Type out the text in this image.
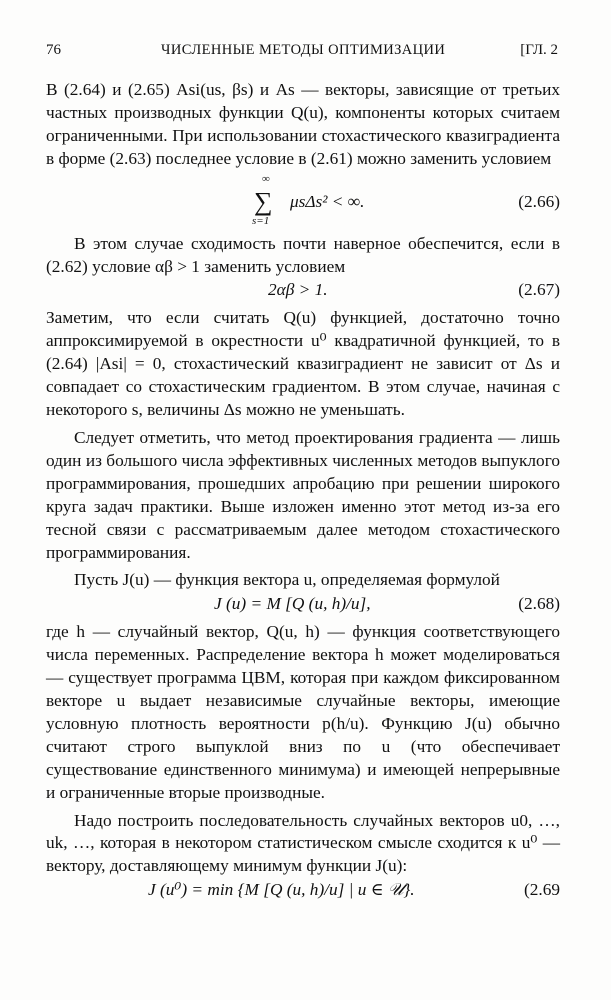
76	ЧИСЛЕННЫЕ МЕТОДЫ ОПТИМИЗАЦИИ	[ГЛ. 2

В (2.64) и (2.65) Asi(us, βs) и As — векторы, зависящие от третьих частных производных функции Q(u), компоненты которых считаем ограниченными. При использовании стохастического квазиградиента в форме (2.63) последнее условие в (2.61) можно заменить условием

∑
∞
s=1
μsΔs² < ∞.	(2.66)

В этом случае сходимость почти наверное обеспечится, если в (2.62) условие αβ > 1 заменить условием

2αβ > 1.	(2.67)

Заметим, что если считать Q(u) функцией, достаточно точно аппроксимируемой в окрестности u⁰ квадратичной функцией, то в (2.64) |Asi| = 0, стохастический квазиградиент не зависит от Δs и совпадает со стохастическим градиентом. В этом случае, начиная с некоторого s, величины Δs можно не уменьшать.

Следует отметить, что метод проектирования градиента — лишь один из большого числа эффективных численных методов выпуклого программирования, прошедших апробацию при решении широкого круга задач практики. Выше изложен именно этот метод из-за его тесной связи с рассматриваемым далее методом стохастического программирования.

Пусть J(u) — функция вектора u, определяемая формулой

J (u) = M [Q (u, h)/u],	(2.68)

где h — случайный вектор, Q(u, h) — функция соответствующего числа переменных. Распределение вектора h может моделироваться — существует программа ЦВМ, которая при каждом фиксированном векторе u выдает независимые случайные векторы, имеющие условную плотность вероятности p(h/u). Функцию J(u) обычно считают строго выпуклой вниз по u (что обеспечивает существование единственного минимума) и имеющей непрерывные и ограниченные вторые производные.

Надо построить последовательность случайных векторов u0, …, uk, …, которая в некотором статистическом смысле сходится к u⁰ — вектору, доставляющему минимум функции J(u):

J (u⁰) = min {M [Q (u, h)/u] | u ∈ 𝒰}.	(2.69
